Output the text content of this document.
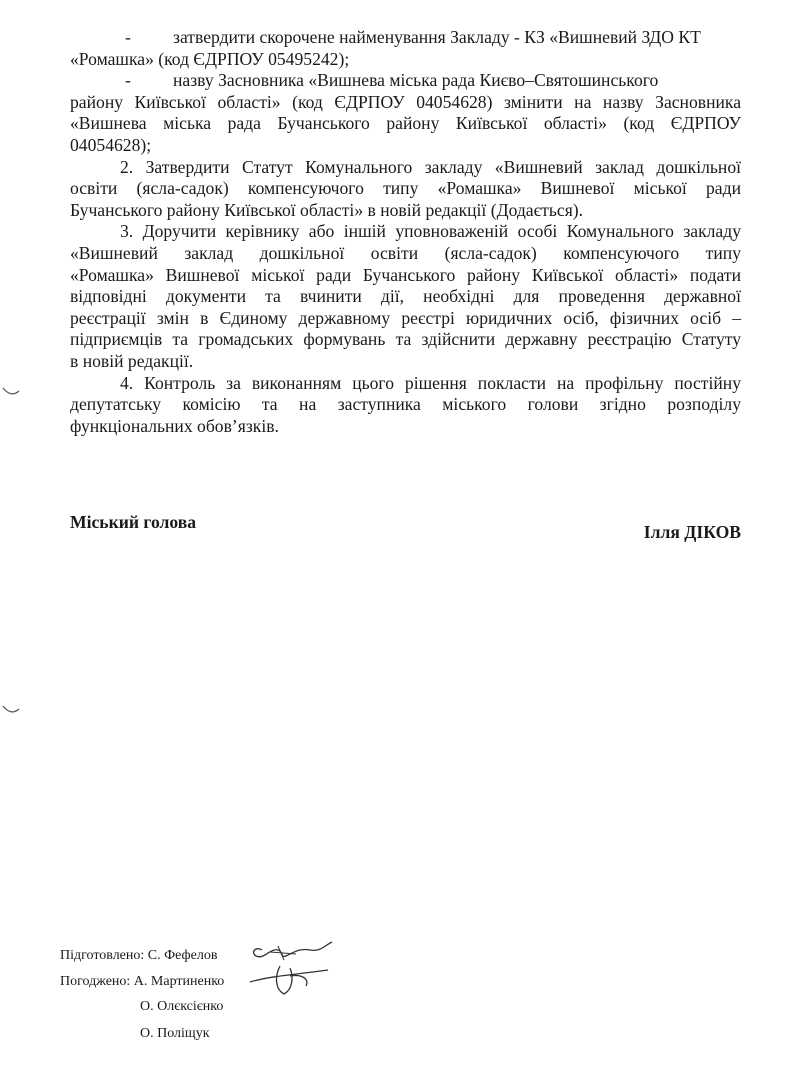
- затвердити скорочене найменування Закладу - КЗ «Вишневий ЗДО КТ
«Ромашка» (код ЄДРПОУ 05495242);
- назву Засновника «Вишнева міська рада Києво–Святошинського
району Київської області» (код ЄДРПОУ 04054628) змінити на назву Засновника
«Вишнева міська рада Бучанського району Київської області» (код ЄДРПОУ
04054628);
2. Затвердити Статут Комунального закладу «Вишневий заклад дошкільної
освіти (ясла-садок) компенсуючого типу «Ромашка» Вишневої міської ради
Бучанського району Київської області» в новій редакції (Додається).
3. Доручити керівнику або іншій уповноваженій особі Комунального закладу
«Вишневий заклад дошкільної освіти (ясла-садок) компенсуючого типу
«Ромашка» Вишневої міської ради Бучанського району Київської області» подати
відповідні документи та вчинити дії, необхідні для проведення державної
реєстрації змін в Єдиному державному реєстрі юридичних осіб, фізичних осіб –
підприємців та громадських формувань та здійснити державну реєстрацію Статуту
в новій редакції.
4. Контроль за виконанням цього рішення покласти на профільну постійну
депутатську комісію та на заступника міського голови згідно розподілу
функціональних обов’язків.
Міський голова	Ілля ДІКОВ
Підготовлено: С. Фефелов
Погоджено: А. Мартиненко
О. Олєксієнко
О. Поліщук
